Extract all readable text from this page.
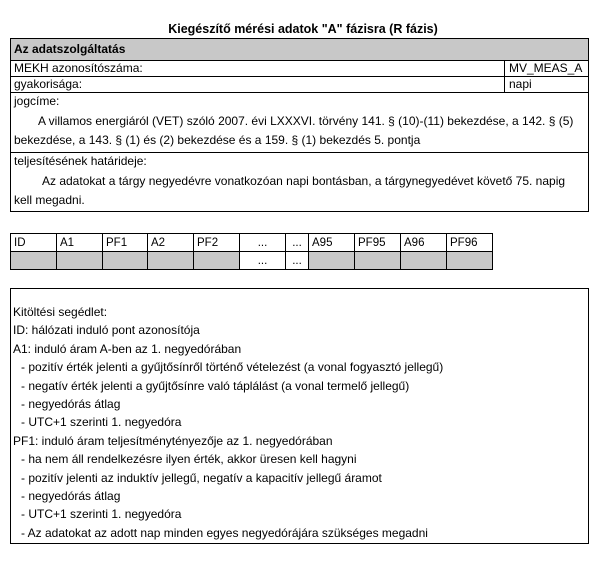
Kiegészítő mérési adatok "A" fázisra (R fázis)
Az adatszolgáltatás
MEKH azonosítószáma:	MV_MEAS_A
gyakorisága:	napi
jogcíme:
A villamos energiáról (VET) szóló 2007. évi LXXXVI. törvény 141. § (10)-(11) bekezdése, a 142. § (5) bekezdése, a 143. § (1) és (2) bekezdése és a 159. § (1) bekezdés 5. pontja
teljesítésének határideje:
Az adatokat a tárgy negyedévre vonatkozóan napi bontásban, a tárgynegyedévet követő 75. napig kell megadni.
ID	A1	PF1	A2	PF2	...	...	A95	PF95	A96	PF96
					...	...				
Kitöltési segédlet:
ID: hálózati induló pont azonosítója
A1: induló áram A-ben az 1. negyedórában
- pozitív érték jelenti a gyűjtősínről történő vételezést (a vonal fogyasztó jellegű)
- negatív érték jelenti a gyűjtősínre való táplálást (a vonal termelő jellegű)
- negyedórás átlag
- UTC+1 szerinti 1. negyedóra
PF1: induló áram teljesítménytényezője az 1. negyedórában
- ha nem áll rendelkezésre ilyen érték, akkor üresen kell hagyni
- pozitív jelenti az induktív jellegű, negatív a kapacitív jellegű áramot
- negyedórás átlag
- UTC+1 szerinti 1. negyedóra
- Az adatokat az adott nap minden egyes negyedórájára szükséges megadni
